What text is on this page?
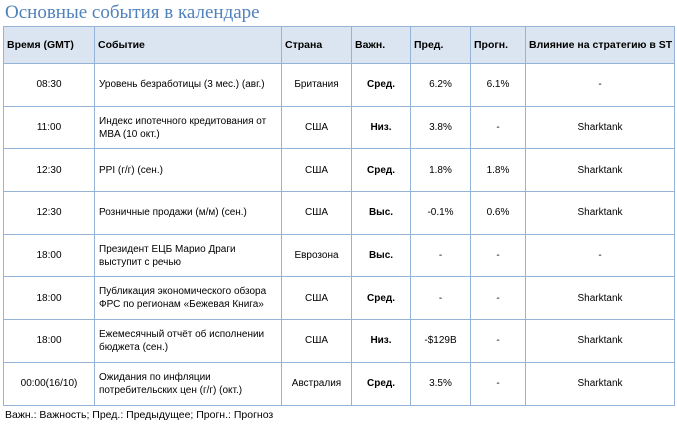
Основные события в календаре
Время (GMT)	Событие	Страна	Важн.	Пред.	Прогн.	Влияние на стратегию в ST
08:30	Уровень безработицы (3 мес.) (авг.)	Британия	Сред.	6.2%	6.1%	-
11:00	Индекс ипотечного кредитования от MBA (10 окт.)	США	Низ.	3.8%	-	Sharktank
12:30	PPI (г/г) (сен.)	США	Сред.	1.8%	1.8%	Sharktank
12:30	Розничные продажи (м/м) (сен.)	США	Выс.	-0.1%	0.6%	Sharktank
18:00	Президент ЕЦБ Марио Драги выступит с речью	Еврозона	Выс.	-	-	-
18:00	Публикация экономического обзора ФРС по регионам «Бежевая Книга»	США	Сред.	-	-	Sharktank
18:00	Ежемесячный отчёт об исполнении бюджета (сен.)	США	Низ.	-$129B	-	Sharktank
00:00(16/10)	Ожидания по инфляции потребительских цен (г/г) (окт.)	Австралия	Сред.	3.5%	-	Sharktank
Важн.: Важность; Пред.: Предыдущее; Прогн.: Прогноз
